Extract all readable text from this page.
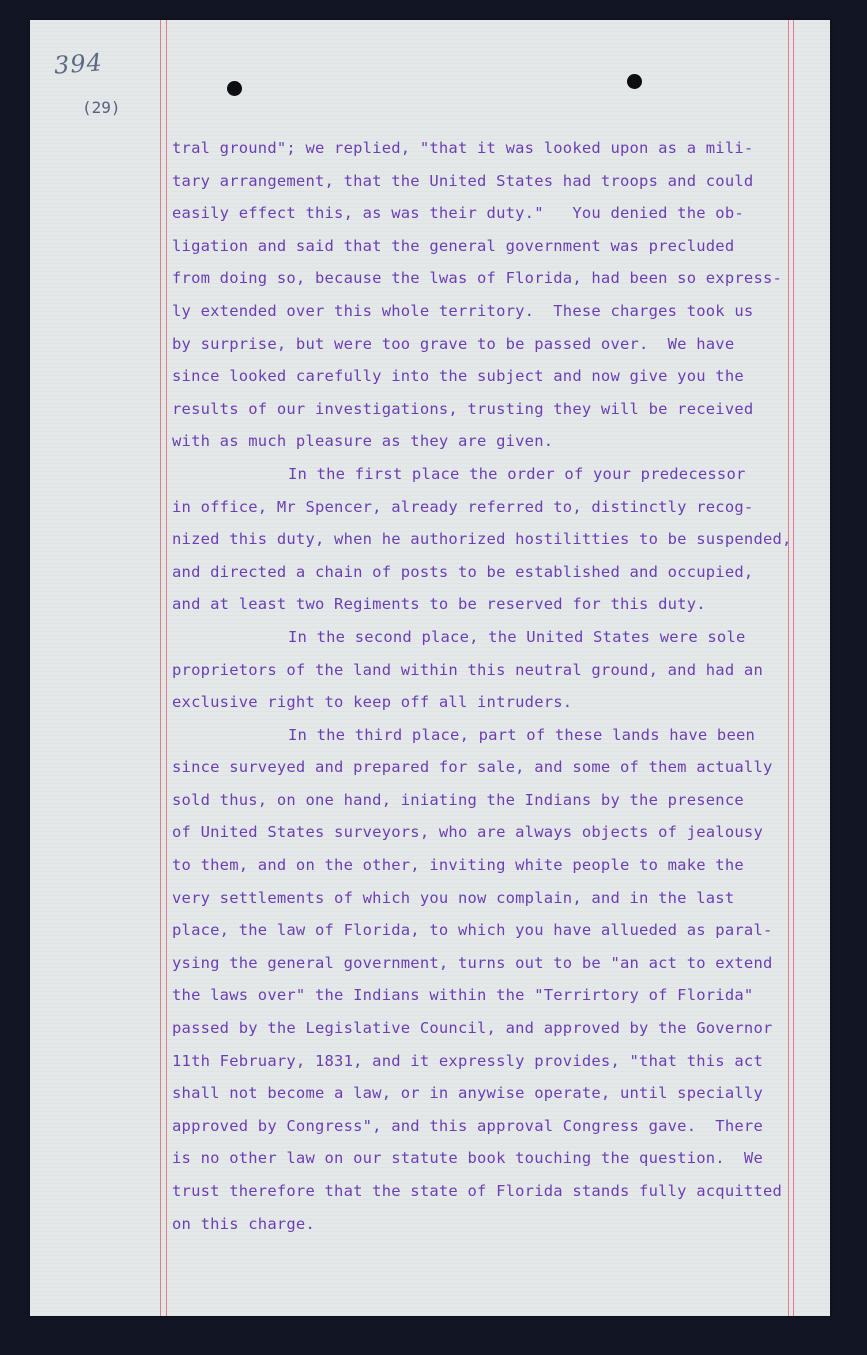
394
(29)
tral ground"; we replied, "that it was looked upon as a mili-
tary arrangement, that the United States had troops and could
easily effect this, as was their duty."   You denied the ob-
ligation and said that the general government was precluded
from doing so, because the lwas of Florida, had been so express-
ly extended over this whole territory.  These charges took us
by surprise, but were too grave to be passed over.  We have
since looked carefully into the subject and now give you the
results of our investigations, trusting they will be received
with as much pleasure as they are given.
In the first place the order of your predecessor
in office, Mr Spencer, already referred to, distinctly recog-
nized this duty, when he authorized hostilitties to be suspended,
and directed a chain of posts to be established and occupied,
and at least two Regiments to be reserved for this duty.
In the second place, the United States were sole
proprietors of the land within this neutral ground, and had an
exclusive right to keep off all intruders.
In the third place, part of these lands have been
since surveyed and prepared for sale, and some of them actually
sold thus, on one hand, iniating the Indians by the presence
of United States surveyors, who are always objects of jealousy
to them, and on the other, inviting white people to make the
very settlements of which you now complain, and in the last
place, the law of Florida, to which you have allueded as paral-
ysing the general government, turns out to be "an act to extend
the laws over" the Indians within the "Terrirtory of Florida"
passed by the Legislative Council, and approved by the Governor
11th February, 1831, and it expressly provides, "that this act
shall not become a law, or in anywise operate, until specially
approved by Congress", and this approval Congress gave.  There
is no other law on our statute book touching the question.  We
trust therefore that the state of Florida stands fully acquitted
on this charge.
